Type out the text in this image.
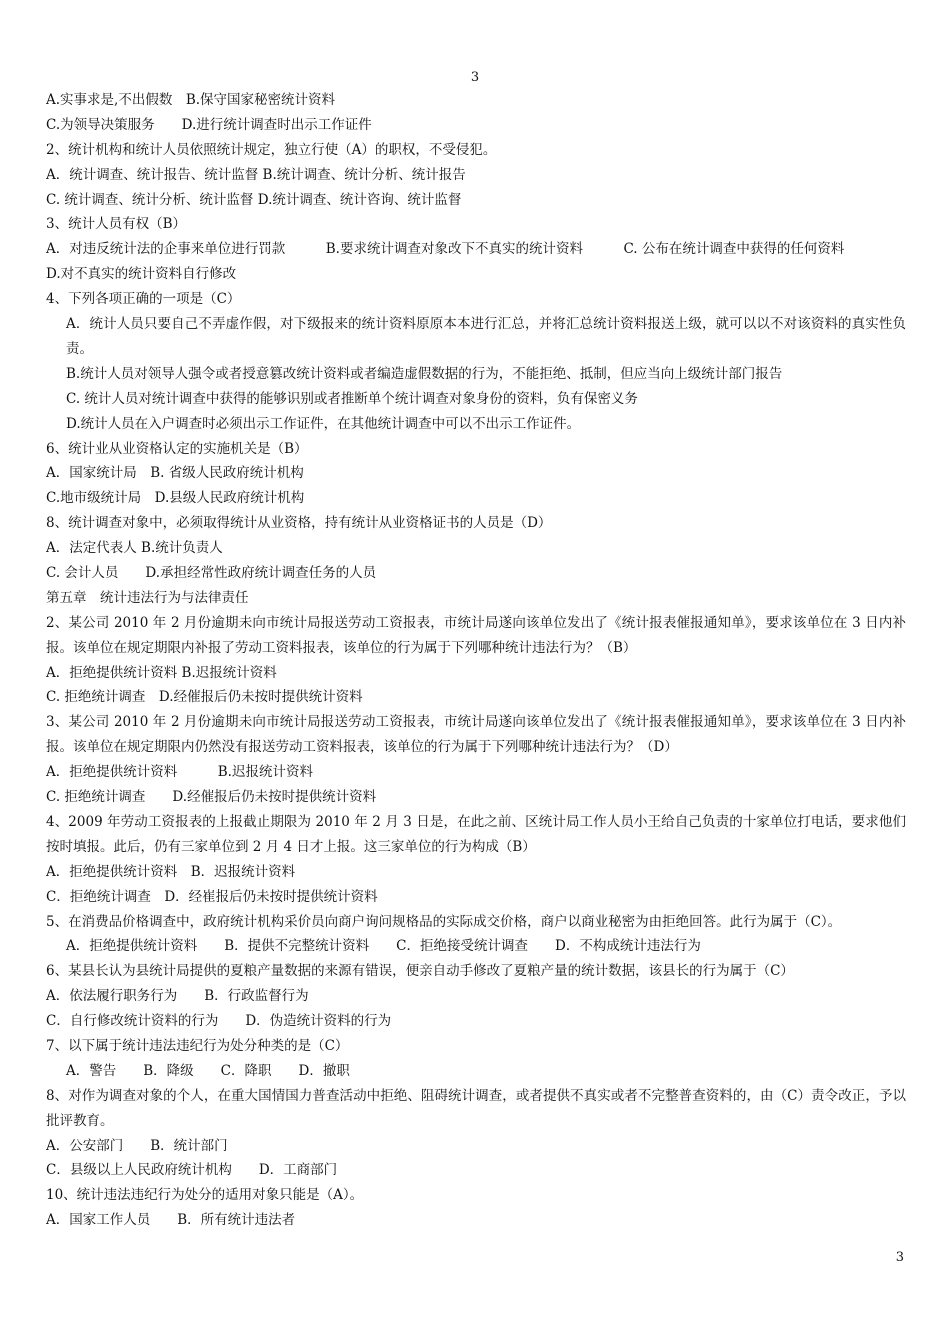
3
A.实事求是,不出假数　B.保守国家秘密统计资料
C.为领导决策服务　　D.进行统计调查时出示工作证件
2、统计机构和统计人员依照统计规定，独立行使（A）的职权，不受侵犯。
A．统计调查、统计报告、统计监督 B.统计调查、统计分析、统计报告
C. 统计调查、统计分析、统计监督 D.统计调查、统计咨询、统计监督
3、统计人员有权（B）
A．对违反统计法的企事来单位进行罚款　　　B.要求统计调查对象改下不真实的统计资料　　　C. 公布在统计调查中获得的任何资料
D.对不真实的统计资料自行修改
4、下列各项正确的一项是（C）
A．统计人员只要自己不弄虚作假，对下级报来的统计资料原原本本进行汇总，并将汇总统计资料报送上级，就可以以不对该资料的真实性负责。
B.统计人员对领导人强令或者授意篡改统计资料或者编造虚假数据的行为，不能拒绝、抵制，但应当向上级统计部门报告
C. 统计人员对统计调查中获得的能够识别或者推断单个统计调查对象身份的资料，负有保密义务
D.统计人员在入户调查时必须出示工作证件，在其他统计调查中可以不出示工作证件。
6、统计业从业资格认定的实施机关是（B）
A．国家统计局　B. 省级人民政府统计机构
C.地市级统计局　D.县级人民政府统计机构
8、统计调查对象中，必须取得统计从业资格，持有统计从业资格证书的人员是（D）
A．法定代表人 B.统计负责人
C. 会计人员　　D.承担经常性政府统计调查任务的人员
第五章　统计违法行为与法律责任
2、某公司 2010 年 2 月份逾期未向市统计局报送劳动工资报表，市统计局遂向该单位发出了《统计报表催报通知单》，要求该单位在 3 日内补报。该单位在规定期限内补报了劳动工资料报表，该单位的行为属于下列哪种统计违法行为？（B）
A．拒绝提供统计资料 B.迟报统计资料
C. 拒绝统计调查　D.经催报后仍未按时提供统计资料
3、某公司 2010 年 2 月份逾期未向市统计局报送劳动工资报表，市统计局遂向该单位发出了《统计报表催报通知单》，要求该单位在 3 日内补报。该单位在规定期限内仍然没有报送劳动工资料报表，该单位的行为属于下列哪种统计违法行为？（D）
A．拒绝提供统计资料　　　B.迟报统计资料
C. 拒绝统计调查　　D.经催报后仍未按时提供统计资料
4、2009 年劳动工资报表的上报截止期限为 2010 年 2 月 3 日是，在此之前、区统计局工作人员小王给自己负责的十家单位打电话，要求他们按时填报。此后，仍有三家单位到 2 月 4 日才上报。这三家单位的行为构成（B）
A．拒绝提供统计资料　B．迟报统计资料
C．拒绝统计调查　D．经崔报后仍未按时提供统计资料
5、在消费品价格调查中，政府统计机构采价员向商户询问规格品的实际成交价格，商户以商业秘密为由拒绝回答。此行为属于（C）。
A．拒绝提供统计资料　　B．提供不完整统计资料　　C．拒绝接受统计调查　　D．不构成统计违法行为
6、某县长认为县统计局提供的夏粮产量数据的来源有错误，便亲自动手修改了夏粮产量的统计数据，该县长的行为属于（C）
A．依法履行职务行为　　B．行政监督行为
C．自行修改统计资料的行为　　D．伪造统计资料的行为
7、以下属于统计违法违纪行为处分种类的是（C）
A．警告　　B．降级　　C．降职　　D．撤职
8、对作为调查对象的个人，在重大国情国力普查活动中拒绝、阻碍统计调查，或者提供不真实或者不完整普查资料的，由（C）责令改正，予以批评教育。
A．公安部门　　B．统计部门
C．县级以上人民政府统计机构　　D．工商部门
10、统计违法违纪行为处分的适用对象只能是（A）。
A．国家工作人员　　B．所有统计违法者
3
